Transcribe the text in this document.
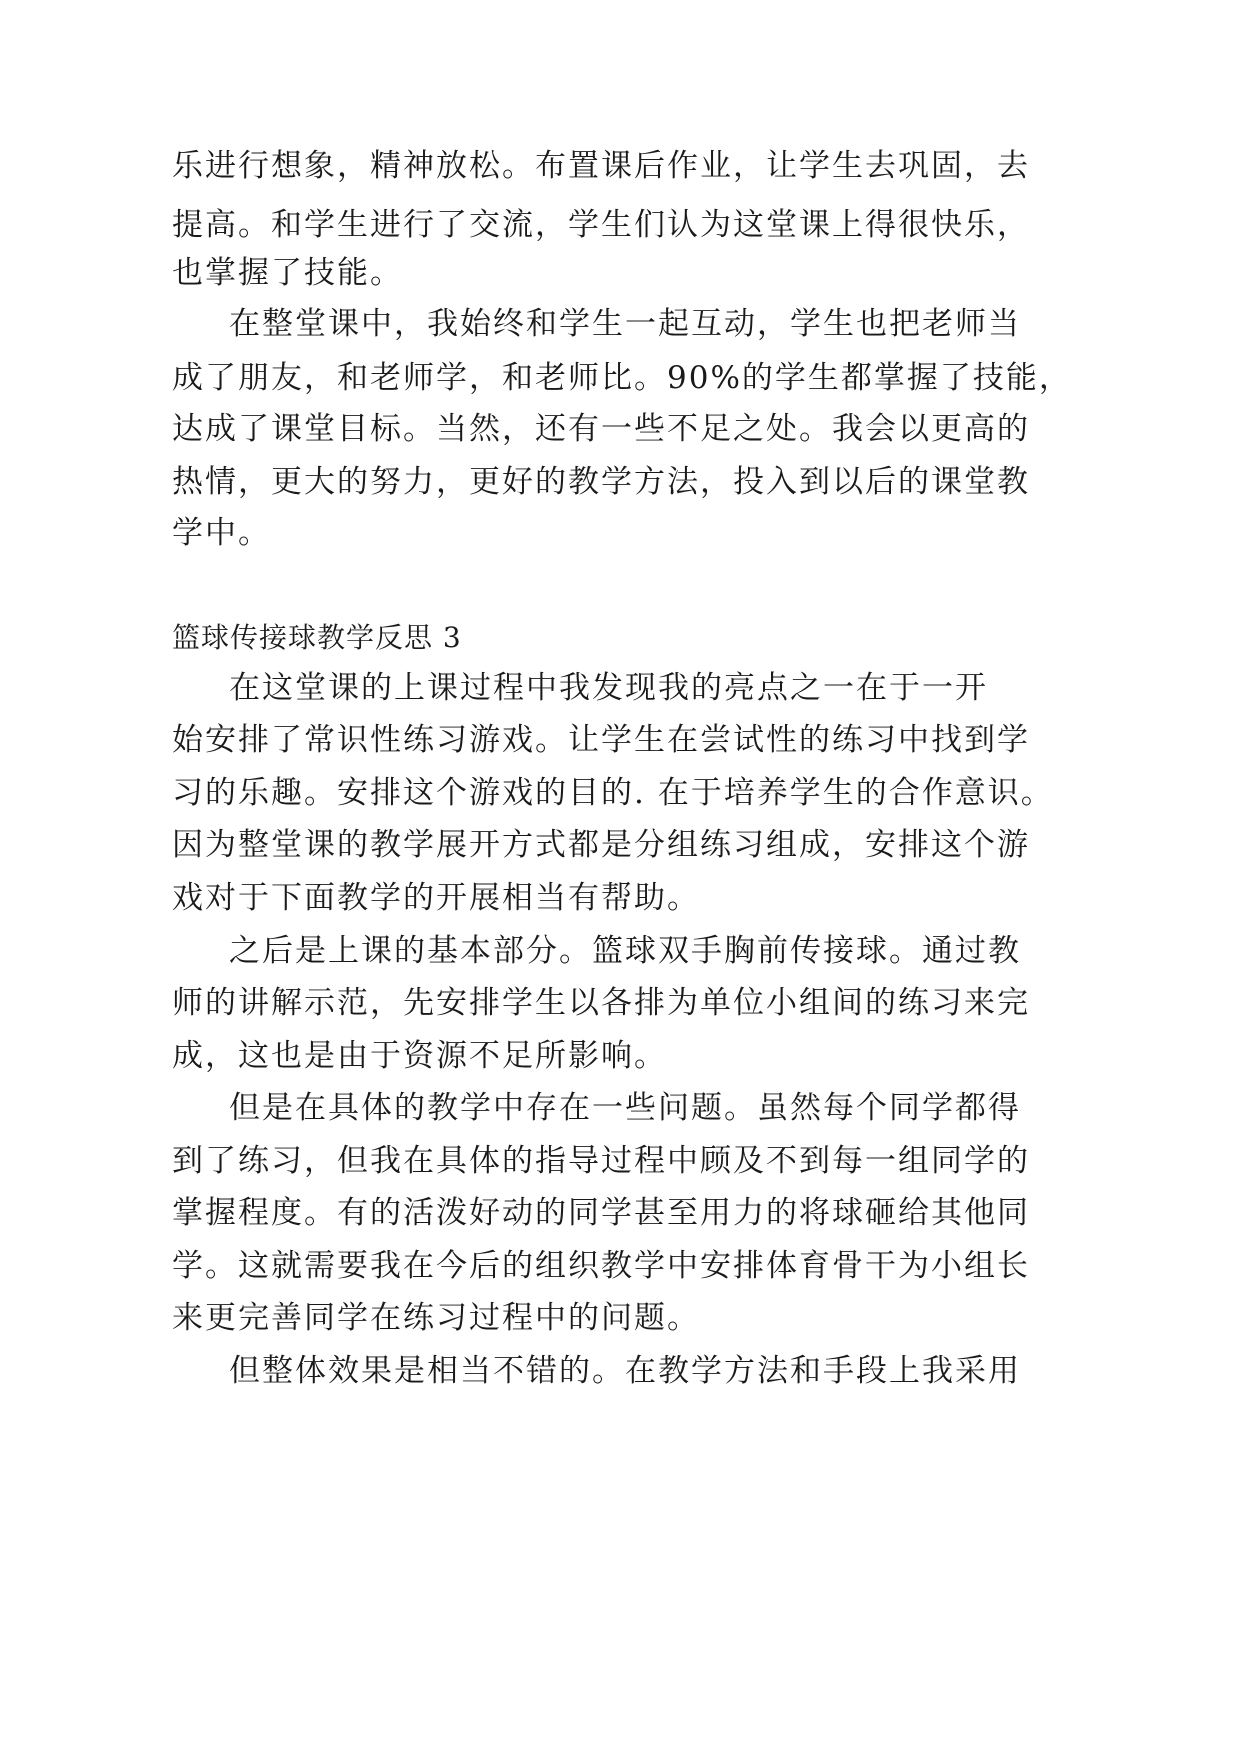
乐进行想象，精神放松。布置课后作业，让学生去巩固，去
提高。和学生进行了交流，学生们认为这堂课上得很快乐，
也掌握了技能。
在整堂课中，我始终和学生一起互动，学生也把老师当
成了朋友，和老师学，和老师比。90%的学生都掌握了技能，
达成了课堂目标。当然，还有一些不足之处。我会以更高的
热情，更大的努力，更好的教学方法，投入到以后的课堂教
学中。
篮球传接球教学反思 3
在这堂课的上课过程中我发现我的亮点之一在于一开
始安排了常识性练习游戏。让学生在尝试性的练习中找到学
习的乐趣。安排这个游戏的目的. 在于培养学生的合作意识。
因为整堂课的教学展开方式都是分组练习组成，安排这个游
戏对于下面教学的开展相当有帮助。
之后是上课的基本部分。篮球双手胸前传接球。通过教
师的讲解示范，先安排学生以各排为单位小组间的练习来完
成，这也是由于资源不足所影响。
但是在具体的教学中存在一些问题。虽然每个同学都得
到了练习，但我在具体的指导过程中顾及不到每一组同学的
掌握程度。有的活泼好动的同学甚至用力的将球砸给其他同
学。这就需要我在今后的组织教学中安排体育骨干为小组长
来更完善同学在练习过程中的问题。
但整体效果是相当不错的。在教学方法和手段上我采用
